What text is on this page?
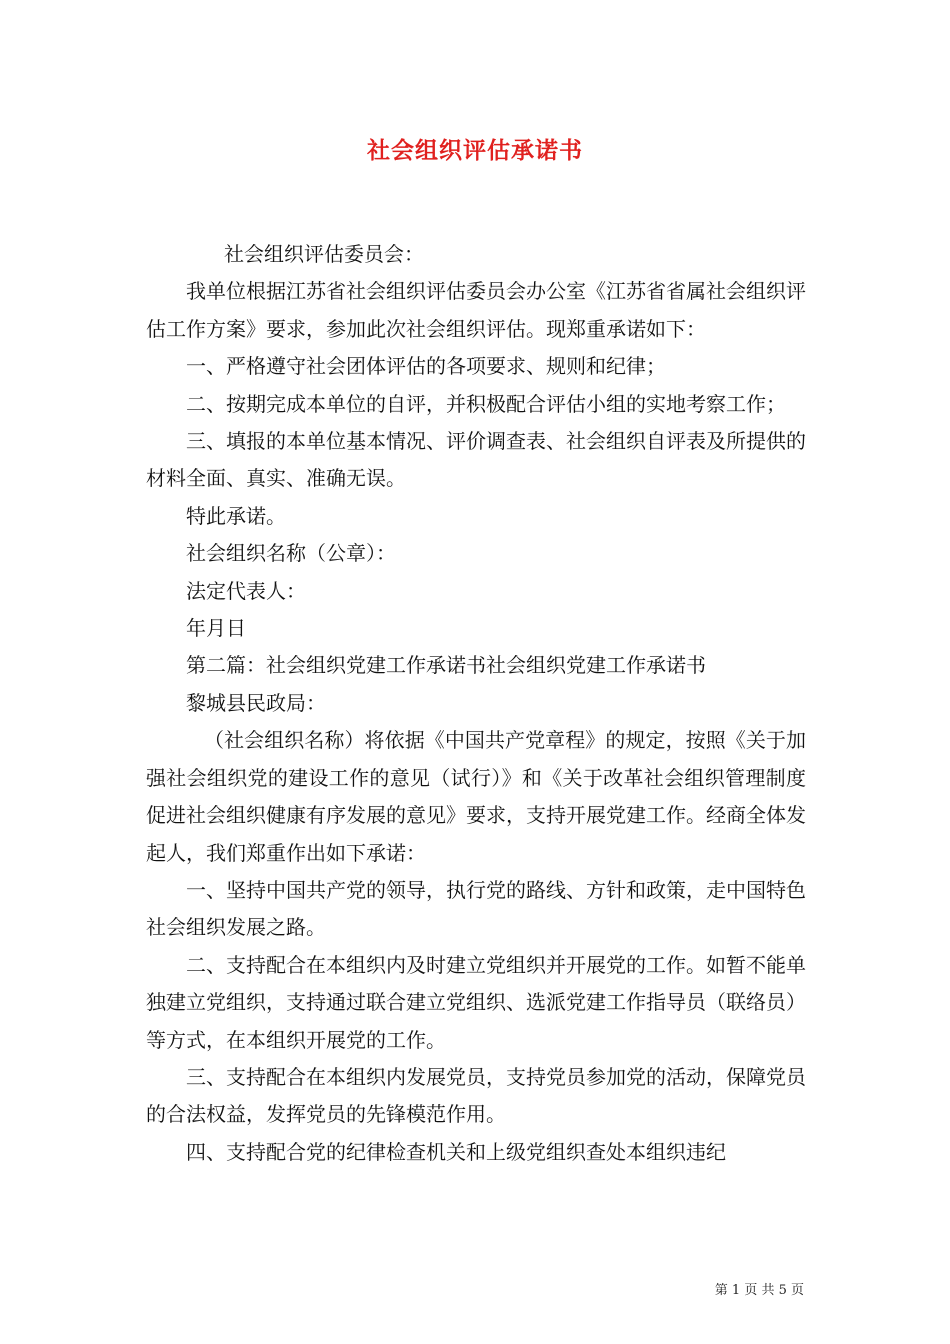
社会组织评估承诺书

社会组织评估委员会：

我单位根据江苏省社会组织评估委员会办公室《江苏省省属社会组织评估工作方案》要求，参加此次社会组织评估。现郑重承诺如下：

一、严格遵守社会团体评估的各项要求、规则和纪律；

二、按期完成本单位的自评，并积极配合评估小组的实地考察工作；

三、填报的本单位基本情况、评价调查表、社会组织自评表及所提供的材料全面、真实、准确无误。

特此承诺。

社会组织名称（公章）：

法定代表人：

年月日

第二篇：社会组织党建工作承诺书社会组织党建工作承诺书

黎城县民政局：

（社会组织名称）将依据《中国共产党章程》的规定，按照《关于加强社会组织党的建设工作的意见（试行）》和《关于改革社会组织管理制度促进社会组织健康有序发展的意见》要求，支持开展党建工作。经商全体发起人，我们郑重作出如下承诺：

一、坚持中国共产党的领导，执行党的路线、方针和政策，走中国特色社会组织发展之路。

二、支持配合在本组织内及时建立党组织并开展党的工作。如暂不能单独建立党组织，支持通过联合建立党组织、选派党建工作指导员（联络员）等方式，在本组织开展党的工作。

三、支持配合在本组织内发展党员，支持党员参加党的活动，保障党员的合法权益，发挥党员的先锋模范作用。

四、支持配合党的纪律检查机关和上级党组织查处本组织违纪

第 1 页 共 5 页
